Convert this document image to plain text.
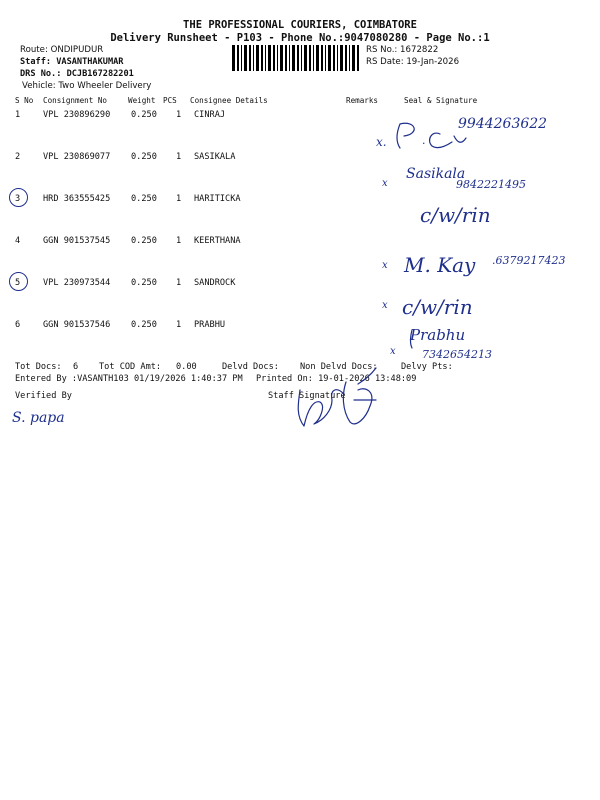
THE PROFESSIONAL COURIERS, COIMBATORE
Delivery Runsheet - P103 - Phone No.:9047080280 - Page No.:1
Route: ONDIPUDUR
Staff: VASANTHAKUMAR
DRS No.: DCJB167282201
Vehicle: Two Wheeler Delivery
RS No.: 1672822
RS Date: 19-Jan-2026
S No Consignment No	Weight PCS Consignee Details	Remarks	Seal & Signature
1	VPL 230896290 0.250 1 CINRAJ
2	VPL 230869077 0.250 1 SASIKALA
3	HRD 363555425 0.250 1 HARITICKA
4	GGN 901537545 0.250 1 KEERTHANA
5	VPL 230973544 0.250 1 SANDROCK
6	GGN 901537546 0.250 1 PRABHU
Tot Docs: 6 Tot COD Amt: 0.00	Delvd Docs: Non Delvd Docs:	Delvy Pts:
Entered By :VASANTH103 01/19/2026 1:40:37 PM Printed On: 19-01-2026 13:48:09
Verified By	Staff Signature
x.	.
9944263622
x
Sasikala
9842221495
c/w/rin
x M. Kay .6379217423
x c/w/rin
x
Prabhu
7342654213
S. papa
